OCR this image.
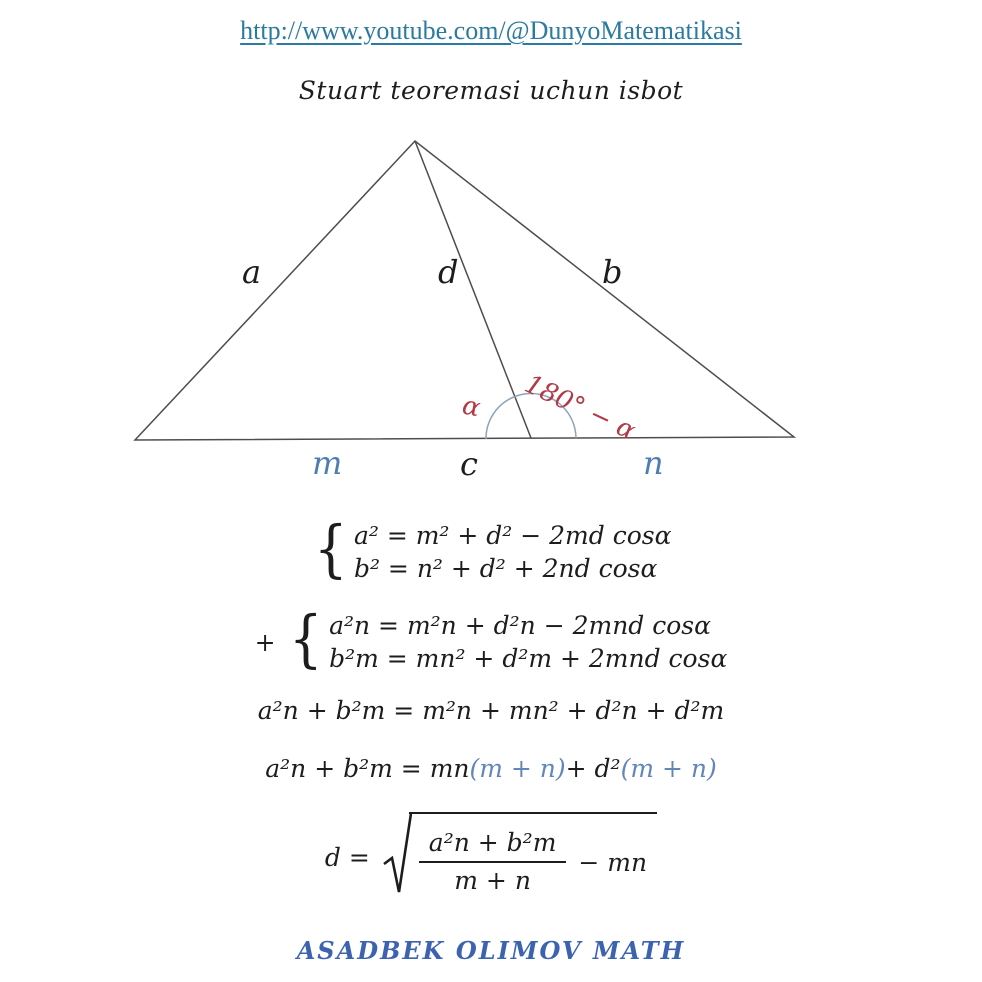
http://www.youtube.com/@DunyoMatematikasi
Stuart teoremasi uchun isbot
a	d	b
m	c	n
α 180° − α
{ a² = m² + d² − 2md cosα
b² = n² + d² + 2nd cosα
+ { a²n = m²n + d²n − 2mnd cosα
b²m = mn² + d²m + 2mnd cosα
a²n + b²m = m²n + mn² + d²n + d²m
a²n + b²m = mn (m + n) + d² (m + n)
$d = \frac{\text{a²n + b²m}}{m + n}$ − mn
ASADBEK OLIMOV MATH
